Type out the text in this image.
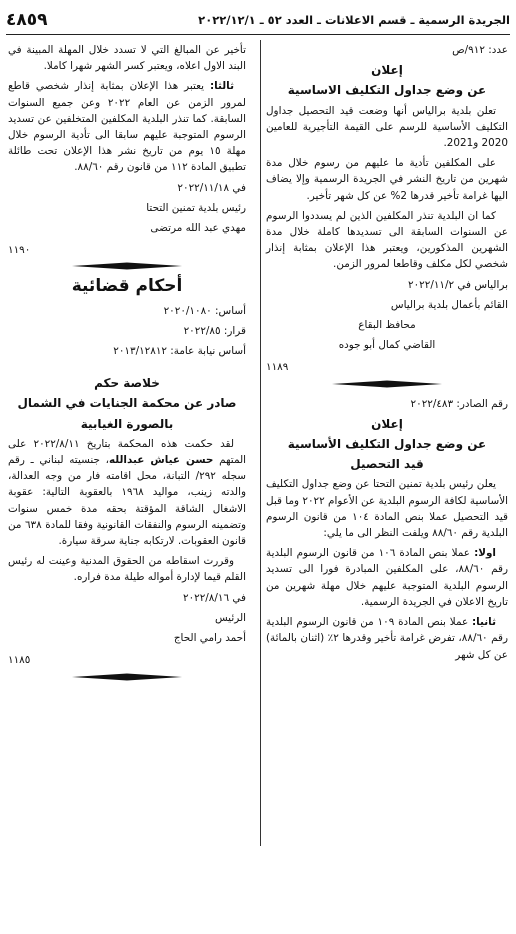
الجريدة الرسمية ـ قسم الاعلانات ـ العدد ٥٢ ـ ٢٠٢٢/١٢/١
٤٨٥٩

عدد: ٩١٢/ص

إعلان
عن وضع جداول التكليف الاساسية

تعلن بلدية برالياس أنها وضعت قيد التحصيل جداول التكليف الأساسية للرسم على القيمة التأجيرية للعامين 2020 و2021.

على المكلفين تأدية ما عليهم من رسوم خلال مدة شهرين من تاريخ النشر في الجريدة الرسمية وإلا يضاف اليها غرامة تأخير قدرها 2% عن كل شهر تأخير.

كما ان البلدية تنذر المكلفين الذين لم يسددوا الرسوم عن السنوات السابقة الى تسديدها كاملة خلال مدة الشهرين المذكورين، ويعتبر هذا الإعلان بمثابة إنذار شخصي لكل مكلف وقاطعا لمرور الزمن.

برالياس في ٢٠٢٢/١١/٢

القائم بأعمال بلدية برالياس

محافظ البقاع

القاضي كمال أبو جوده

١١٨٩

رقم الصادر: ٢٠٢٢/٤٨٣

إعلان
عن وضع جداول التكليف الأساسية
قيد التحصيل

يعلن رئيس بلدية تمنين التحتا عن وضع جداول التكليف الأساسية لكافة الرسوم البلدية عن الأعوام ٢٠٢٢ وما قبل قيد التحصيل عملا بنص المادة ١٠٤ من قانون الرسوم البلدية رقم ٨٨/٦٠ ويلفت النظر الى ما يلي:

اولا: عملا بنص المادة ١٠٦ من قانون الرسوم البلدية رقم ٨٨/٦٠، على المكلفين المبادرة فورا الى تسديد الرسوم البلدية المتوجبة عليهم خلال مهلة شهرين من تاريخ الاعلان في الجريدة الرسمية.

ثانيا: عملا بنص المادة ١٠٩ من قانون الرسوم البلدية رقم ٨٨/٦٠، تفرض غرامة تأخير وقدرها ٢٪ (اثنان بالمائة) عن كل شهر

تأخير عن المبالغ التي لا تسدد خلال المهلة المبينة في البند الاول اعلاه، ويعتبر كسر الشهر شهرا كاملا.

ثالثا: يعتبر هذا الإعلان بمثابة إنذار شخصي قاطع لمرور الزمن عن العام ٢٠٢٢ وعن جميع السنوات السابقة. كما تنذر البلدية المكلفين المتخلفين عن تسديد الرسوم المتوجبة عليهم سابقا الى تأدية الرسوم خلال مهلة ١٥ يوم من تاريخ نشر هذا الإعلان تحت طائلة تطبيق المادة ١١٢ من قانون رقم ٨٨/٦٠.

في ٢٠٢٢/١١/١٨

رئيس بلدية تمنين التحتا

مهدي عبد الله مرتضى

١١٩٠

أحكام قضائية

أساس: ٢٠٢٠/١٠٨٠

قرار: ٢٠٢٢/٨٥

أساس نيابة عامة: ٢٠١٣/١٢٨١٢

خلاصة حكم
صادر عن محكمة الجنايات في الشمال
بالصورة الغيابية

لقد حكمت هذه المحكمة بتاريخ ٢٠٢٢/٨/١١ على المتهم حسن عياش عبدالله، جنسيته لبناني ـ رقم سجله ٢٩٢/ التبانة، محل اقامته فار من وجه العدالة، والدته زينب، مواليد ١٩٦٨ بالعقوبة التالية: عقوبة الاشغال الشاقة المؤقتة بحقه مدة خمس سنوات وتضمينه الرسوم والنفقات القانونية وفقا للمادة ٦٣٨ من قانون العقوبات. لارتكابه جناية سرقة سيارة.

وقررت اسقاطه من الحقوق المدنية وعينت له رئيس القلم قيما لإدارة أمواله طيلة مدة فراره.

في ٢٠٢٢/٨/١٦

الرئيس

أحمد رامي الحاج

١١٨٥
